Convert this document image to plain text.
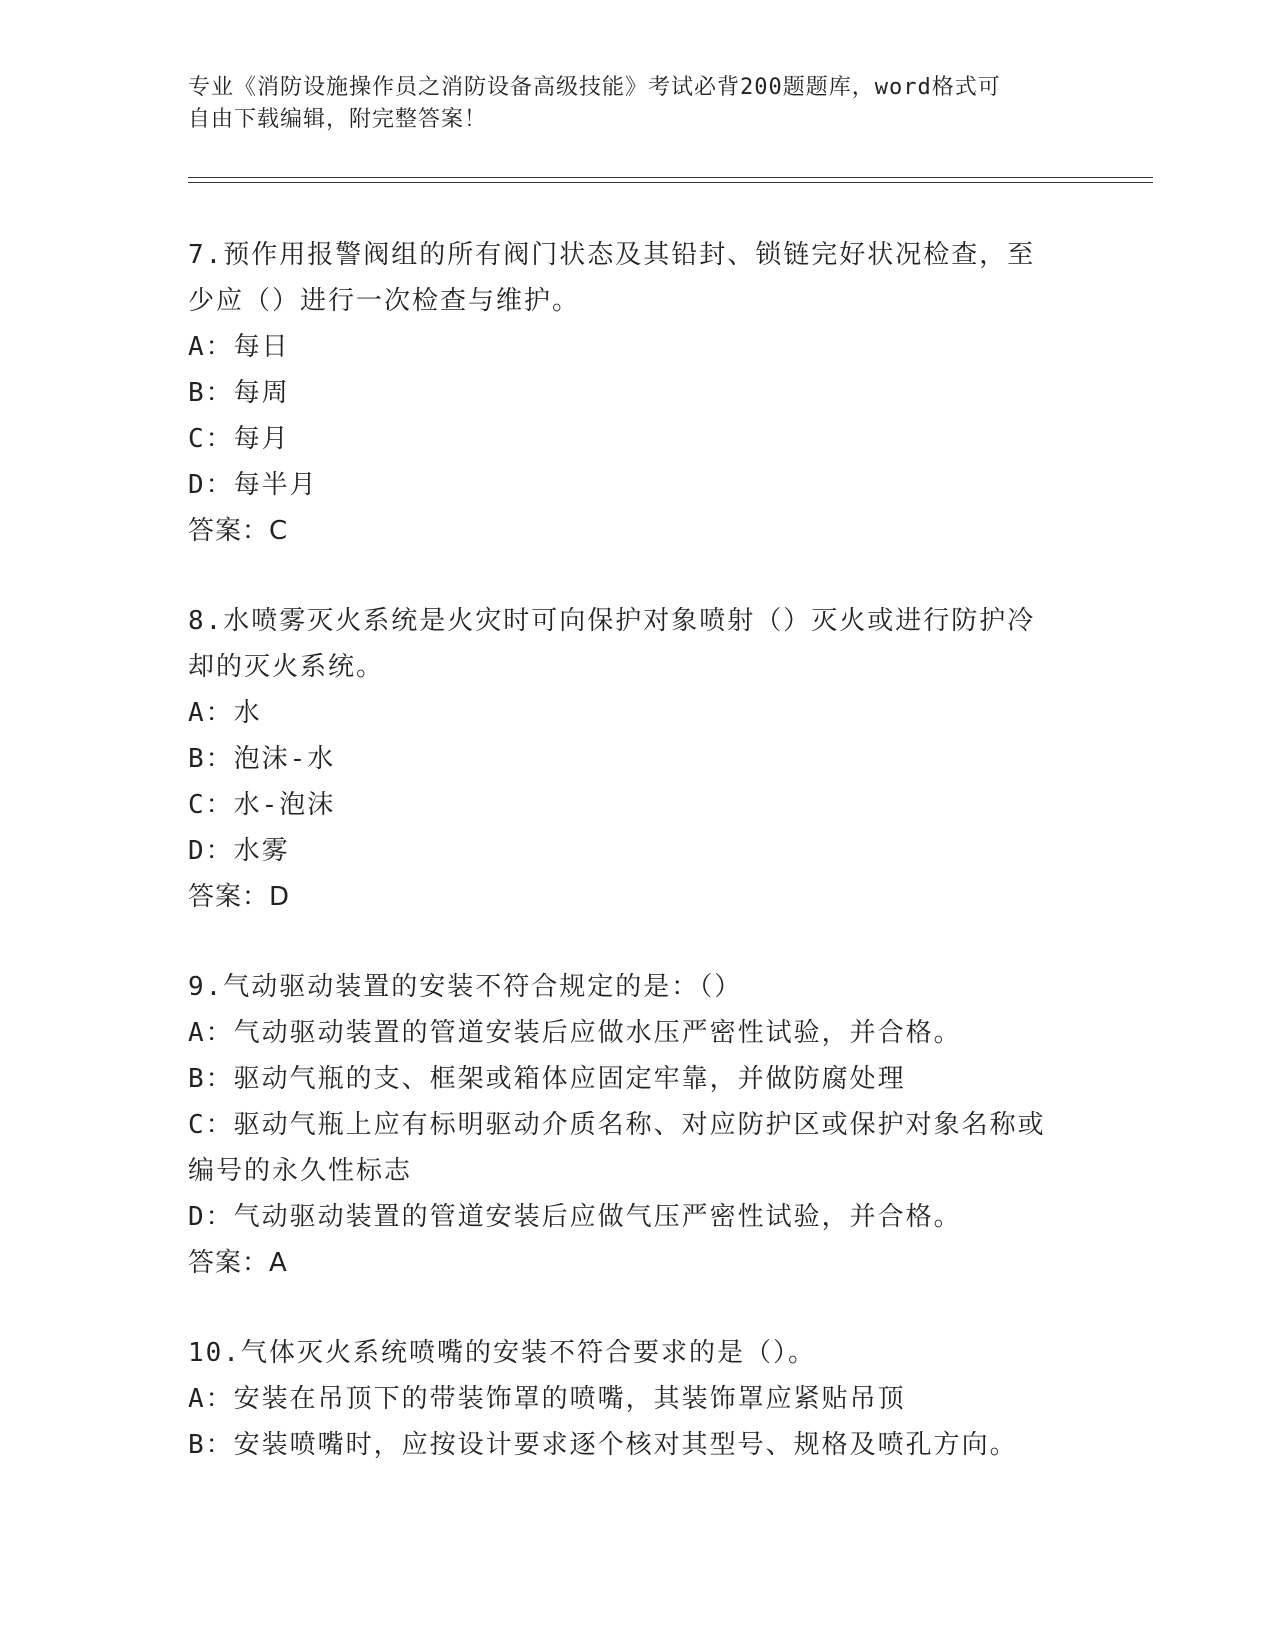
专业《消防设施操作员之消防设备高级技能》考试必背200题题库，word格式可
自由下载编辑，附完整答案！
7.预作用报警阀组的所有阀门状态及其铅封、锁链完好状况检查，至
少应（）进行一次检查与维护。
A：每日
B：每周
C：每月
D：每半月
答案：C
8.水喷雾灭火系统是火灾时可向保护对象喷射（）灭火或进行防护冷
却的灭火系统。
A：水
B：泡沫-水
C：水-泡沫
D：水雾
答案：D
9.气动驱动装置的安装不符合规定的是：（）
A：气动驱动装置的管道安装后应做水压严密性试验，并合格。
B：驱动气瓶的支、框架或箱体应固定牢靠，并做防腐处理
C：驱动气瓶上应有标明驱动介质名称、对应防护区或保护对象名称或
编号的永久性标志
D：气动驱动装置的管道安装后应做气压严密性试验，并合格。
答案：A
10.气体灭火系统喷嘴的安装不符合要求的是（）。
A：安装在吊顶下的带装饰罩的喷嘴，其装饰罩应紧贴吊顶
B：安装喷嘴时，应按设计要求逐个核对其型号、规格及喷孔方向。
